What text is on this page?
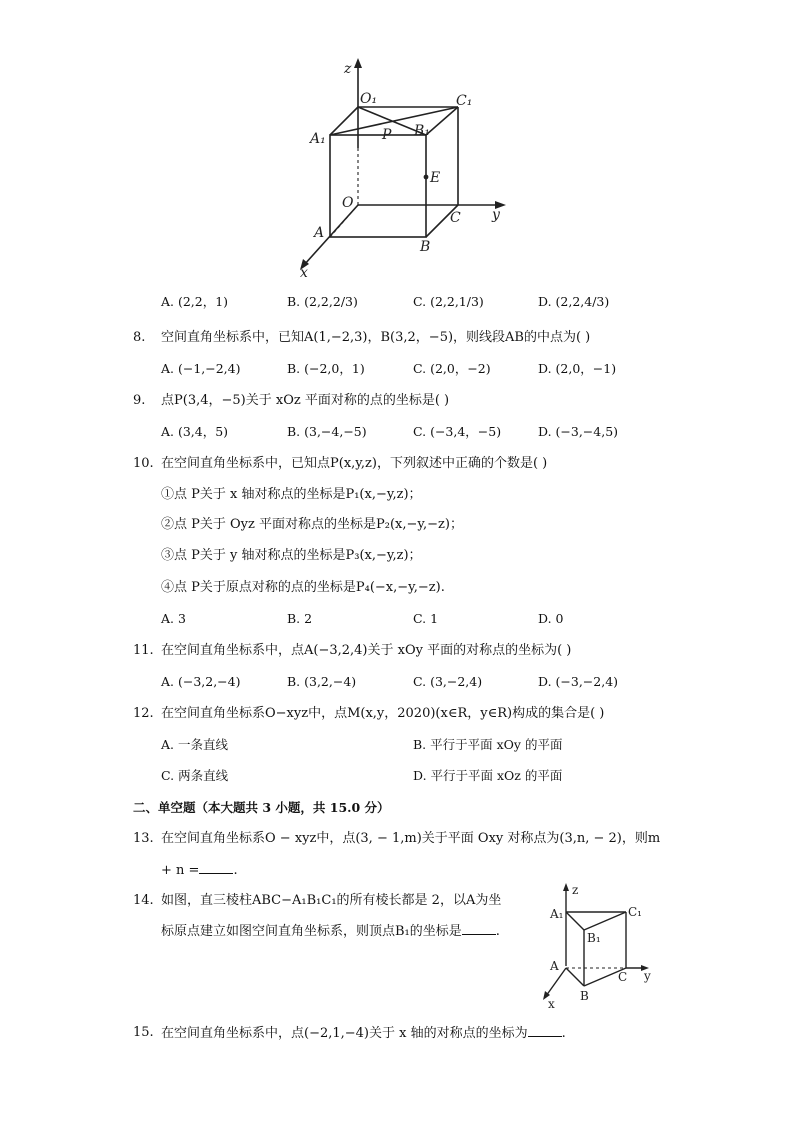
z
O₁	C₁
A₁	P B₁
E
O
A
C y
B
x
A. (2,2，1)	B. (2,2,2/3)	C. (2,2,1/3)	D. (2,2,4/3)
8. 空间直角坐标系中，已知A(1,−2,3)，B(3,2，−5)，则线段AB的中点为( )
A. (−1,−2,4)	B. (−2,0，1)	C. (2,0，−2)	D. (2,0，−1)
9. 点P(3,4，−5)关于 xOz 平面对称的点的坐标是( )
A. (3,4，5)	B. (3,−4,−5)	C. (−3,4，−5)	D. (−3,−4,5)
10. 在空间直角坐标系中，已知点P(x,y,z)，下列叙述中正确的个数是( )
①点 P关于 x 轴对称点的坐标是P₁(x,−y,z)；
②点 P关于 Oyz 平面对称点的坐标是P₂(x,−y,−z)；
③点 P关于 y 轴对称点的坐标是P₃(x,−y,z)；
④点 P关于原点对称的点的坐标是P₄(−x,−y,−z).
A. 3	B. 2	C. 1	D. 0
11. 在空间直角坐标系中，点A(−3,2,4)关于 xOy 平面的对称点的坐标为( )
A. (−3,2,−4)	B. (3,2,−4)	C. (3,−2,4)	D. (−3,−2,4)
12. 在空间直角坐标系O−xyz中，点M(x,y，2020)(x∈R，y∈R)构成的集合是( )
A. 一条直线	B. 平行于平面 xOy 的平面
C. 两条直线	D. 平行于平面 xOz 的平面
二、单空题（本大题共 3 小题，共 15.0 分）
13. 在空间直角坐标系O − xyz中，点(3, − 1,m)关于平面 Oxy 对称点为(3,n, − 2)，则m
+ n =	.
14. 如图，直三棱柱ABC−A₁B₁C₁的所有棱长都是 2，以A为坐
标原点建立如图空间直角坐标系，则顶点B₁的坐标是	.
z
A₁	C₁
B₁
A
C y
B
x
15. 在空间直角坐标系中，点(−2,1,−4)关于 x 轴的对称点的坐标为	.
